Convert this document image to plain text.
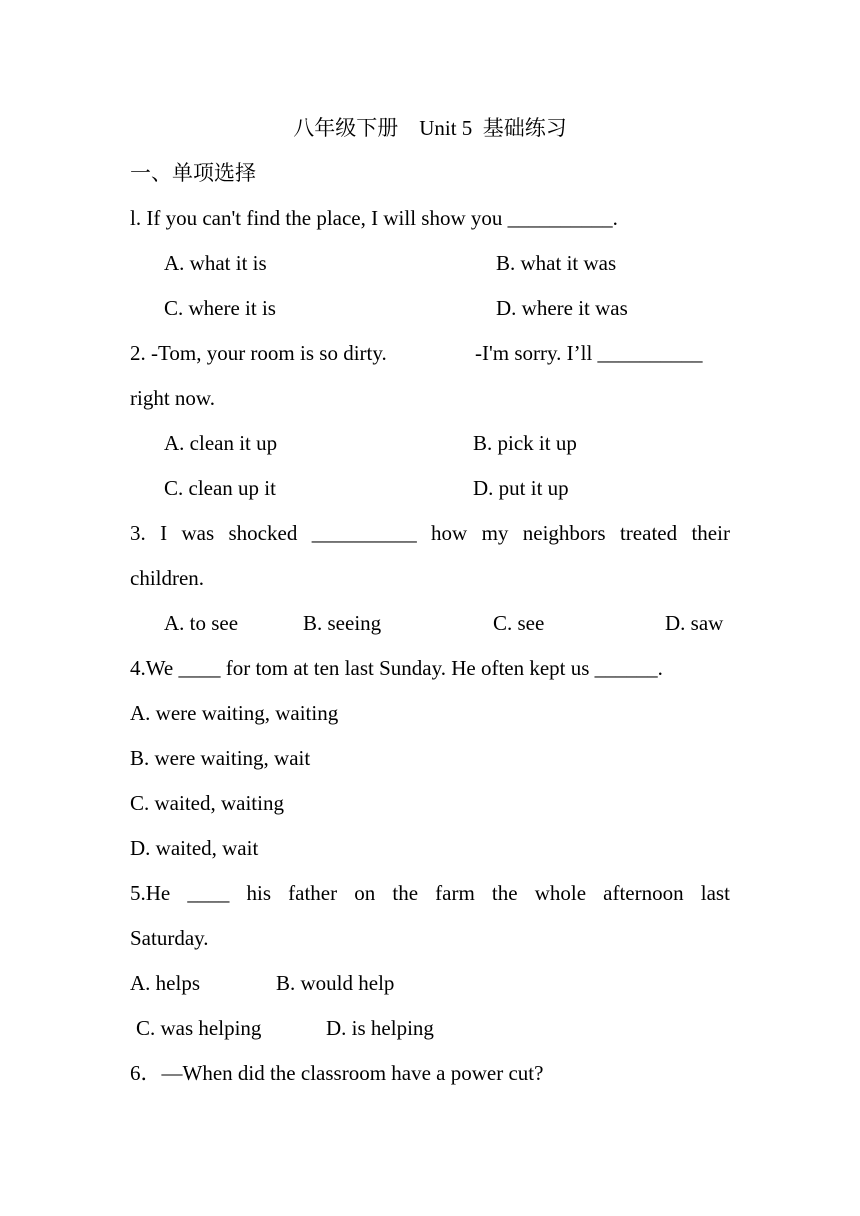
八年级下册    Unit 5  基础练习
一、单项选择
l. If you can't find the place, I will show you __________.
A. what it is	B. what it was
C. where it is	D. where it was
2. -Tom, your room is so dirty.	-I'm sorry. I’ll __________
right now.
A. clean it up	B. pick it up
C. clean up it	D. put it up
3. I was shocked __________ how my neighbors treated their
children.
A. to see	B. seeing	C. see	D. saw
4.We ____ for tom at ten last Sunday. He often kept us ______.
A. were waiting, waiting
B. were waiting, wait
C. waited, waiting
D. waited, wait
5.He ____ his father on the farm the whole afternoon last
Saturday.
A. helps	B. would help
C. was helping	D. is helping
6．—When did the classroom have a power cut?
